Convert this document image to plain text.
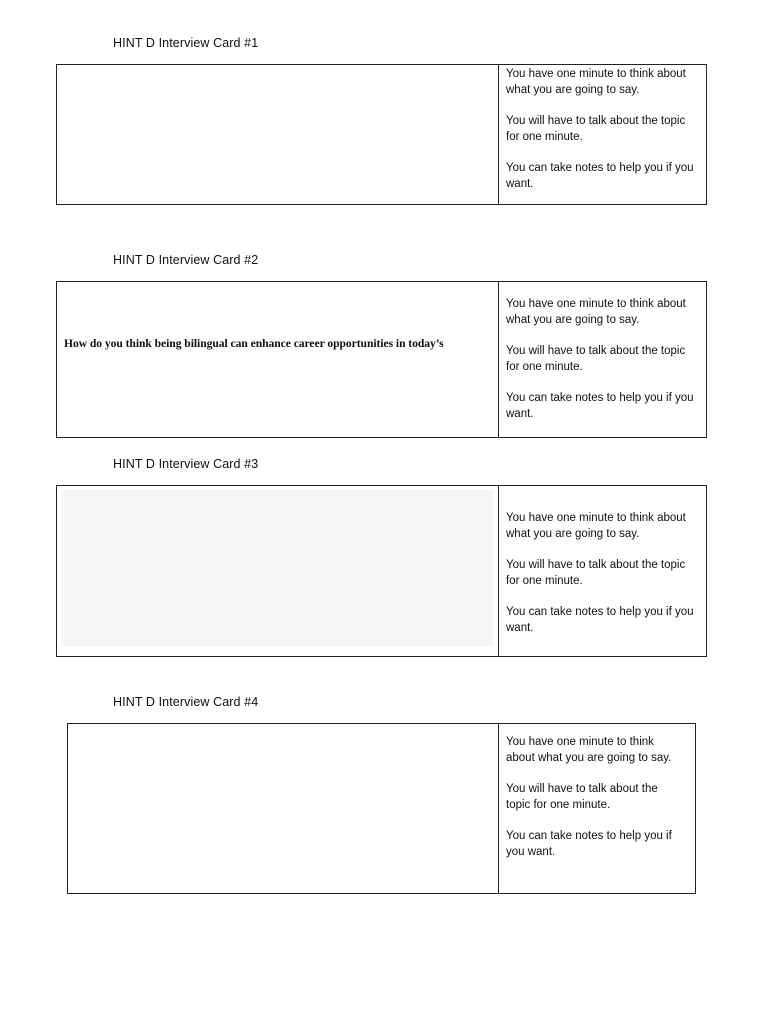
HINT D Interview Card #1

You have one minute to think about what you are going to say.

You will have to talk about the topic for one minute.

You can take notes to help you if you want.

HINT D Interview Card #2
How do you think being bilingual can enhance career opportunities in today’s

You have one minute to think about what you are going to say.

You will have to talk about the topic for one minute.

You can take notes to help you if you want.

HINT D Interview Card #3

You have one minute to think about what you are going to say.

You will have to talk about the topic for one minute.

You can take notes to help you if you want.

HINT D Interview Card #4

You have one minute to think about what you are going to say.

You will have to talk about the topic for one minute.

You can take notes to help you if you want.
